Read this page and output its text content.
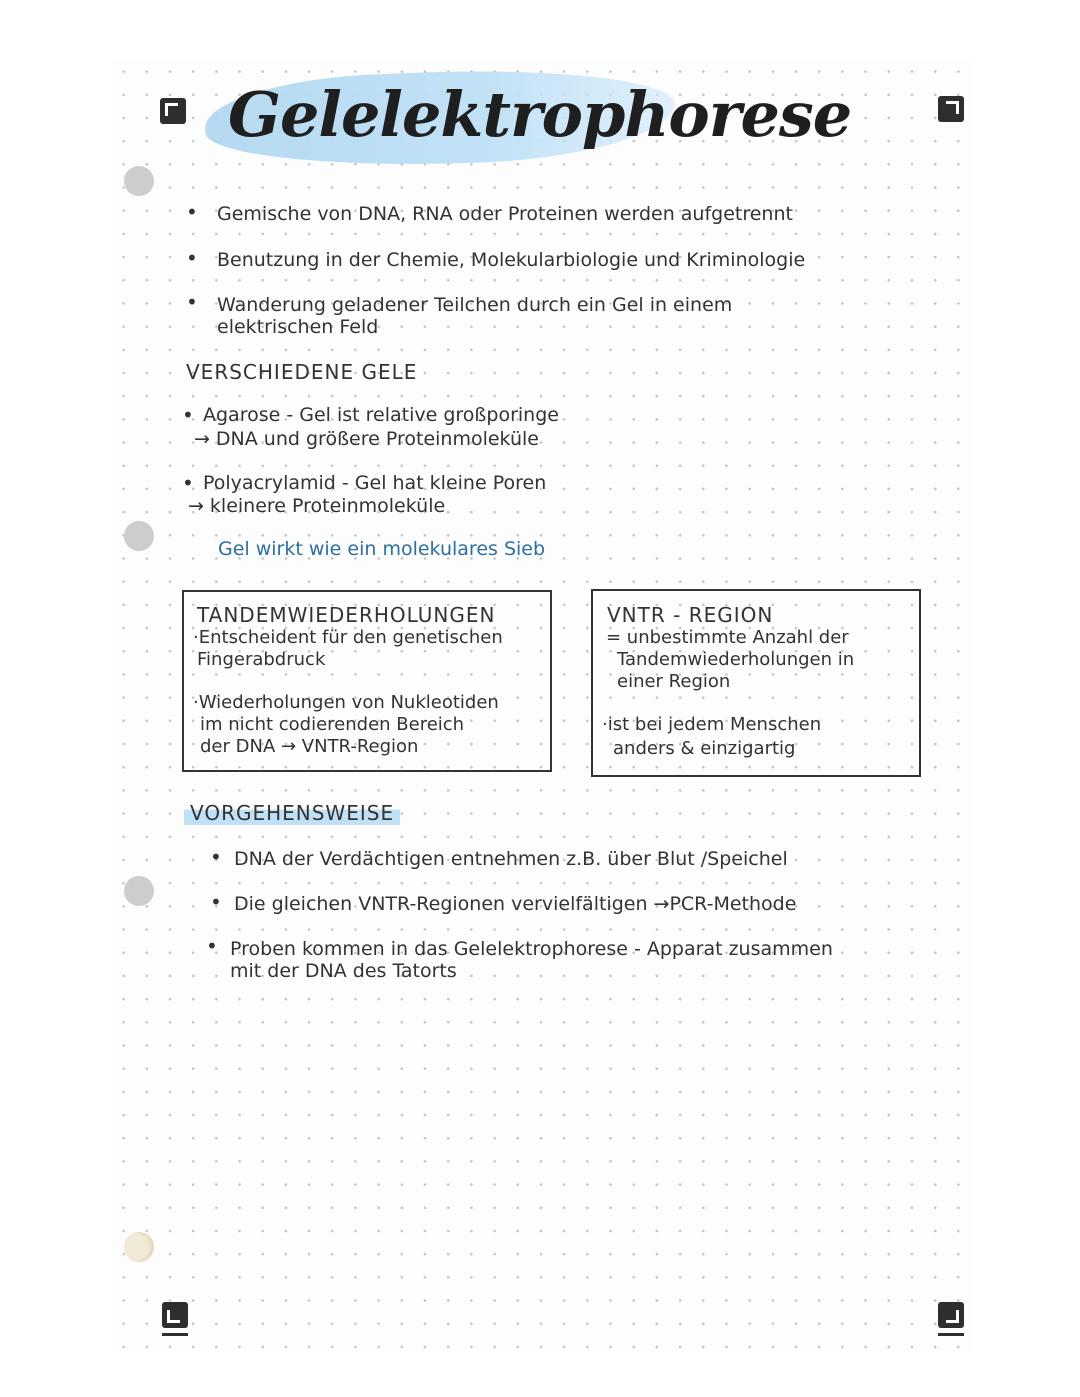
Gelelektrophorese
• Gemische von DNA, RNA oder Proteinen werden aufgetrennt
• Benutzung in der Chemie, Molekularbiologie und Kriminologie
• Wanderung geladener Teilchen durch ein Gel in einem
elektrischen Feld
VERSCHIEDENE GELE
• Agarose - Gel ist relative großporinge
→ DNA und größere Proteinmoleküle
• Polyacrylamid - Gel hat kleine Poren
→ kleinere Proteinmoleküle
Gel wirkt wie ein molekulares Sieb
TANDEMWIEDERHOLUNGEN
·Entscheident für den genetischen
Fingerabdruck
·Wiederholungen von Nukleotiden
im nicht codierenden Bereich
der DNA → VNTR-Region
VNTR - REGION
= unbestimmte Anzahl der
Tandemwiederholungen in
einer Region
·ist bei jedem Menschen
anders & einzigartig
VORGEHENSWEISE
• DNA der Verdächtigen entnehmen z.B. über Blut /Speichel
• Die gleichen VNTR-Regionen vervielfältigen →PCR-Methode
• Proben kommen in das Gelelektrophorese - Apparat zusammen
mit der DNA des Tatorts
